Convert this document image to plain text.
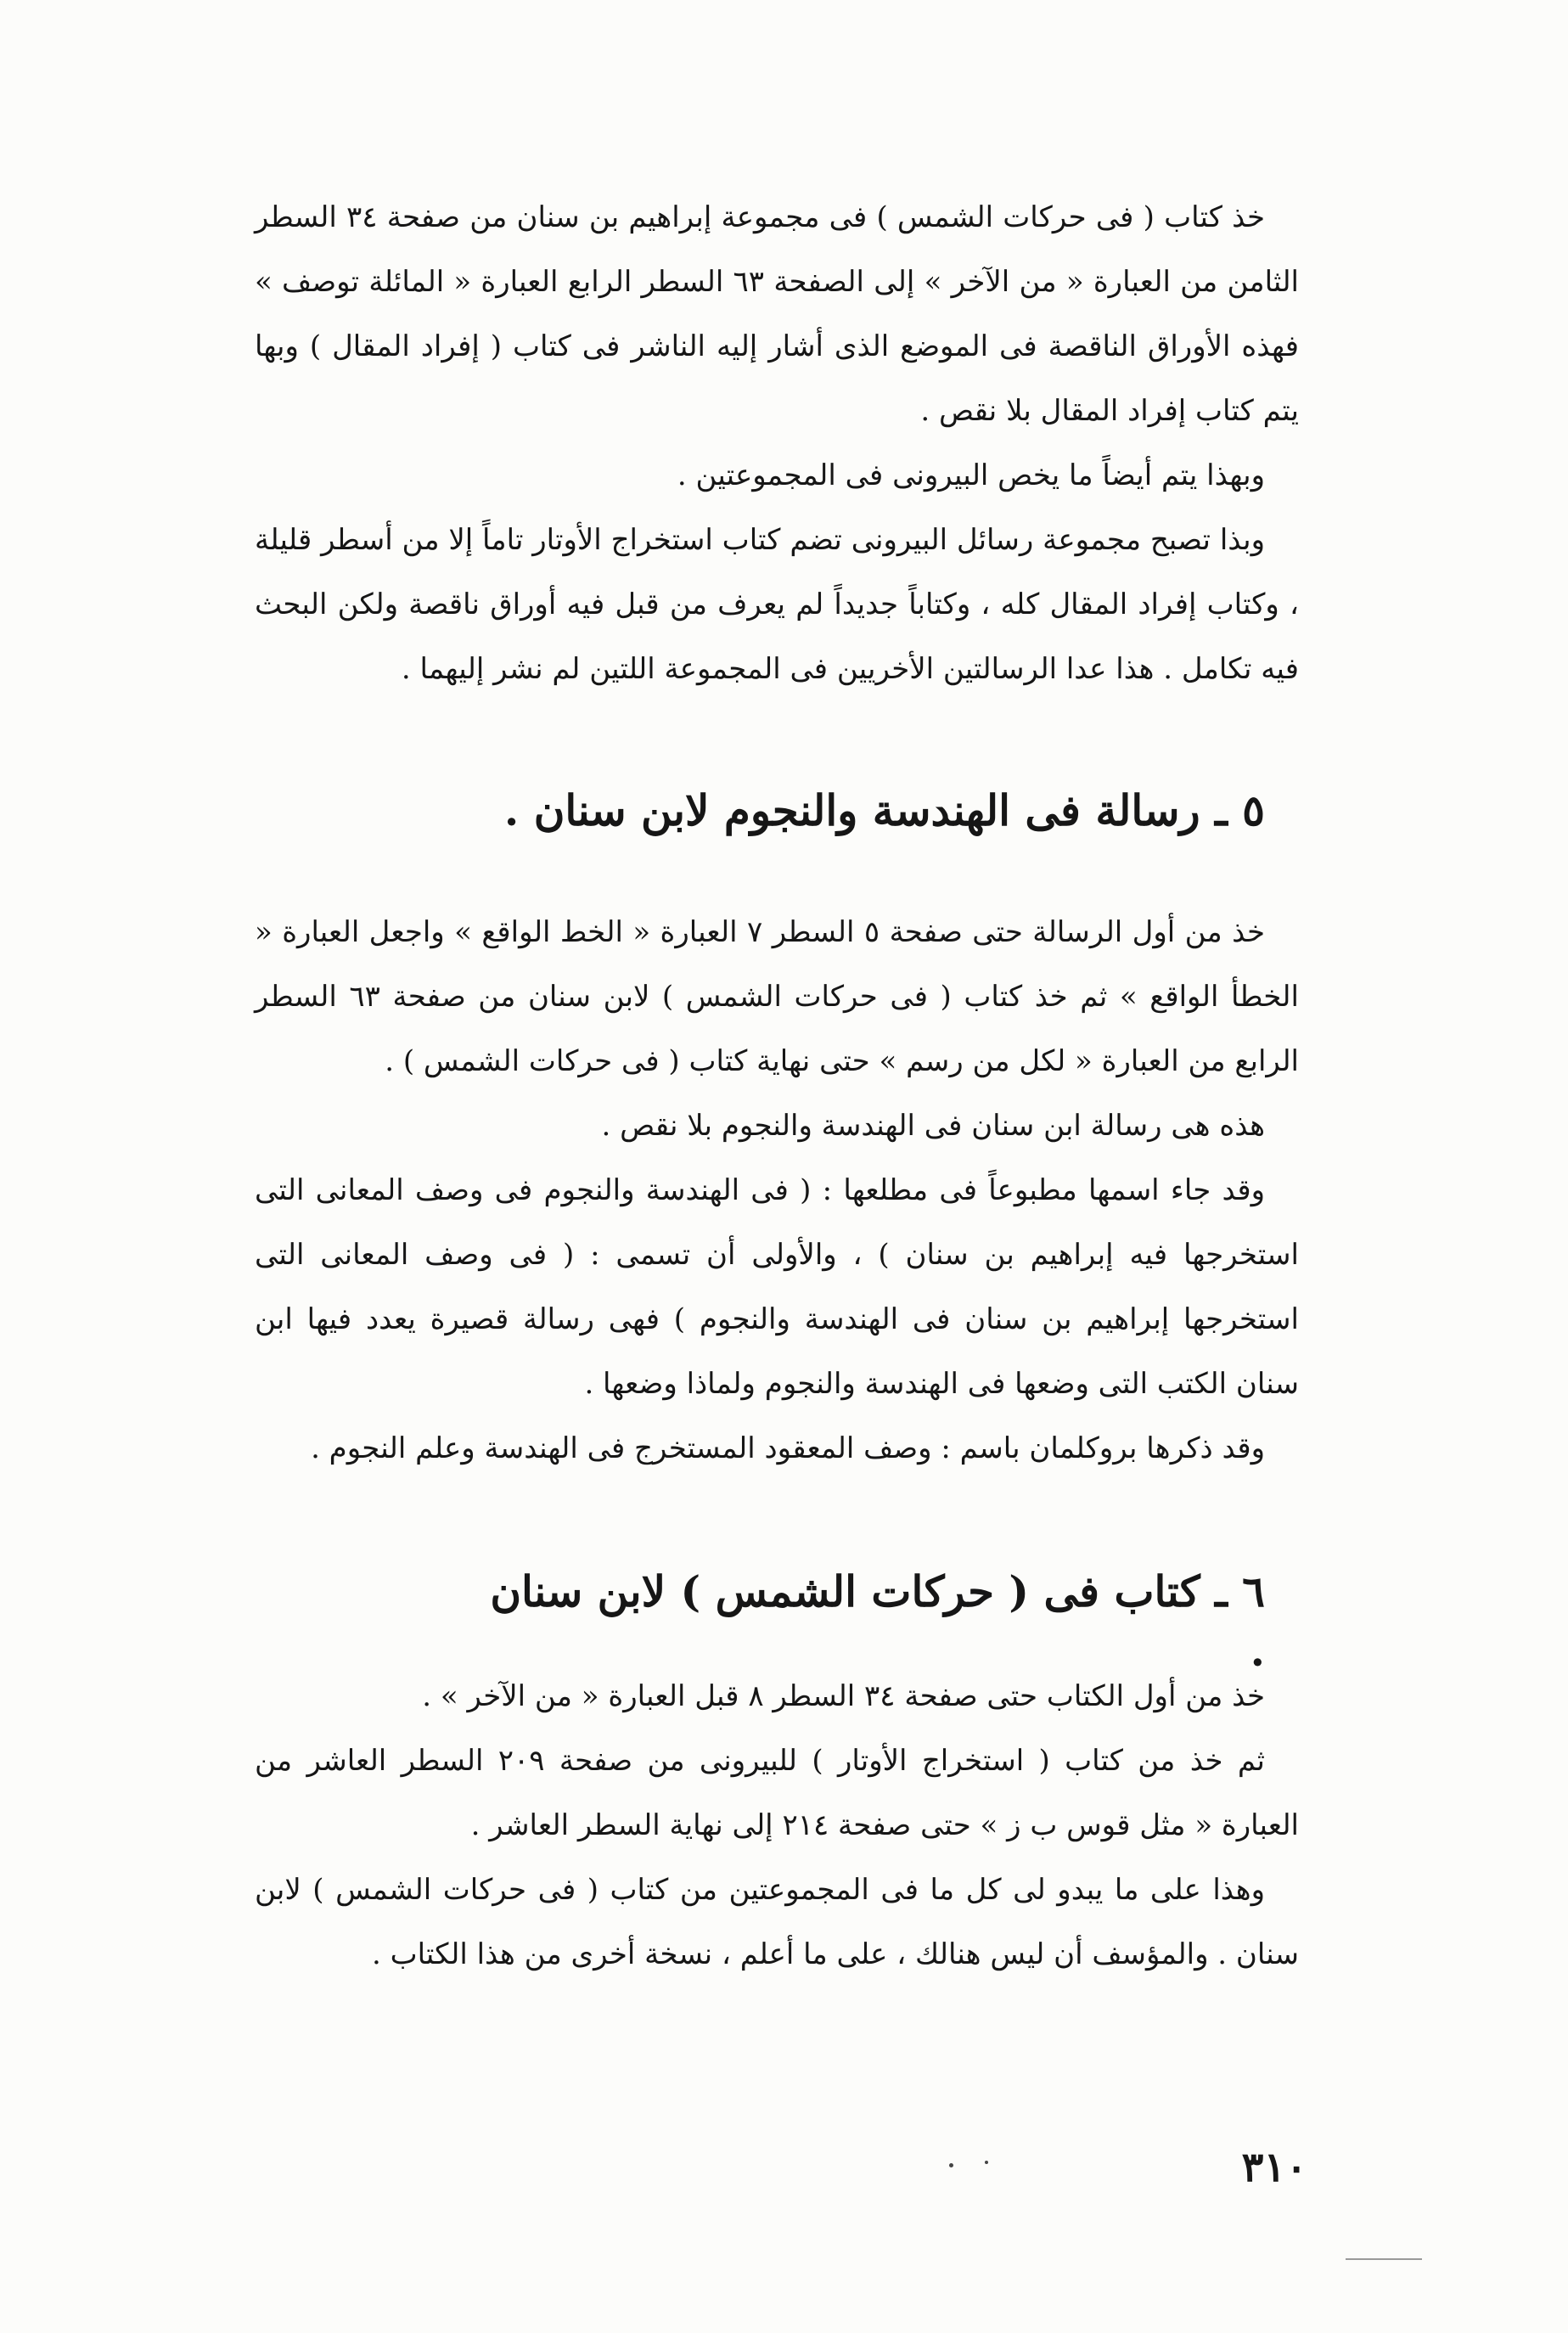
خذ كتاب ( فى حركات الشمس ) فى مجموعة إبراهيم بن سنان من صفحة ٣٤ السطر الثامن من العبارة « من الآخر » إلى الصفحة ٦٣ السطر الرابع العبارة « المائلة توصف » فهذه الأوراق الناقصة فى الموضع الذى أشار إليه الناشر فى كتاب ( إفراد المقال ) وبها يتم كتاب إفراد المقال بلا نقص .

وبهذا يتم أيضاً ما يخص البيرونى فى المجموعتين .

وبذا تصبح مجموعة رسائل البيرونى تضم كتاب استخراج الأوتار تاماً إلا من أسطر قليلة ، وكتاب إفراد المقال كله ، وكتاباً جديداً لم يعرف من قبل فيه أوراق ناقصة ولكن البحث فيه تكامل . هذا عدا الرسالتين الأخريين فى المجموعة اللتين لم نشر إليهما .

٥ ـ رسالة فى الهندسة والنجوم لابن سنان .

خذ من أول الرسالة حتى صفحة ٥ السطر ٧ العبارة « الخط الواقع » واجعل العبارة « الخطأ الواقع » ثم خذ كتاب ( فى حركات الشمس ) لابن سنان من صفحة ٦٣ السطر الرابع من العبارة « لكل من رسم » حتى نهاية كتاب ( فى حركات الشمس ) .

هذه هى رسالة ابن سنان فى الهندسة والنجوم بلا نقص .

وقد جاء اسمها مطبوعاً فى مطلعها : ( فى الهندسة والنجوم فى وصف المعانى التى استخرجها فيه إبراهيم بن سنان ) ، والأولى أن تسمى : ( فى وصف المعانى التى استخرجها إبراهيم بن سنان فى الهندسة والنجوم ) فهى رسالة قصيرة يعدد فيها ابن سنان الكتب التى وضعها فى الهندسة والنجوم ولماذا وضعها .

وقد ذكرها بروكلمان باسم : وصف المعقود المستخرج فى الهندسة وعلم النجوم .

٦ ـ كتاب فى ( حركات الشمس ) لابن سنان .

خذ من أول الكتاب حتى صفحة ٣٤ السطر ٨ قبل العبارة « من الآخر » .

ثم خذ من كتاب ( استخراج الأوتار ) للبيرونى من صفحة ٢٠٩ السطر العاشر من العبارة « مثل قوس ب ز » حتى صفحة ٢١٤ إلى نهاية السطر العاشر .

وهذا على ما يبدو لى كل ما فى المجموعتين من كتاب ( فى حركات الشمس ) لابن سنان . والمؤسف أن ليس هنالك ، على ما أعلم ، نسخة أخرى من هذا الكتاب .

٣١٠
